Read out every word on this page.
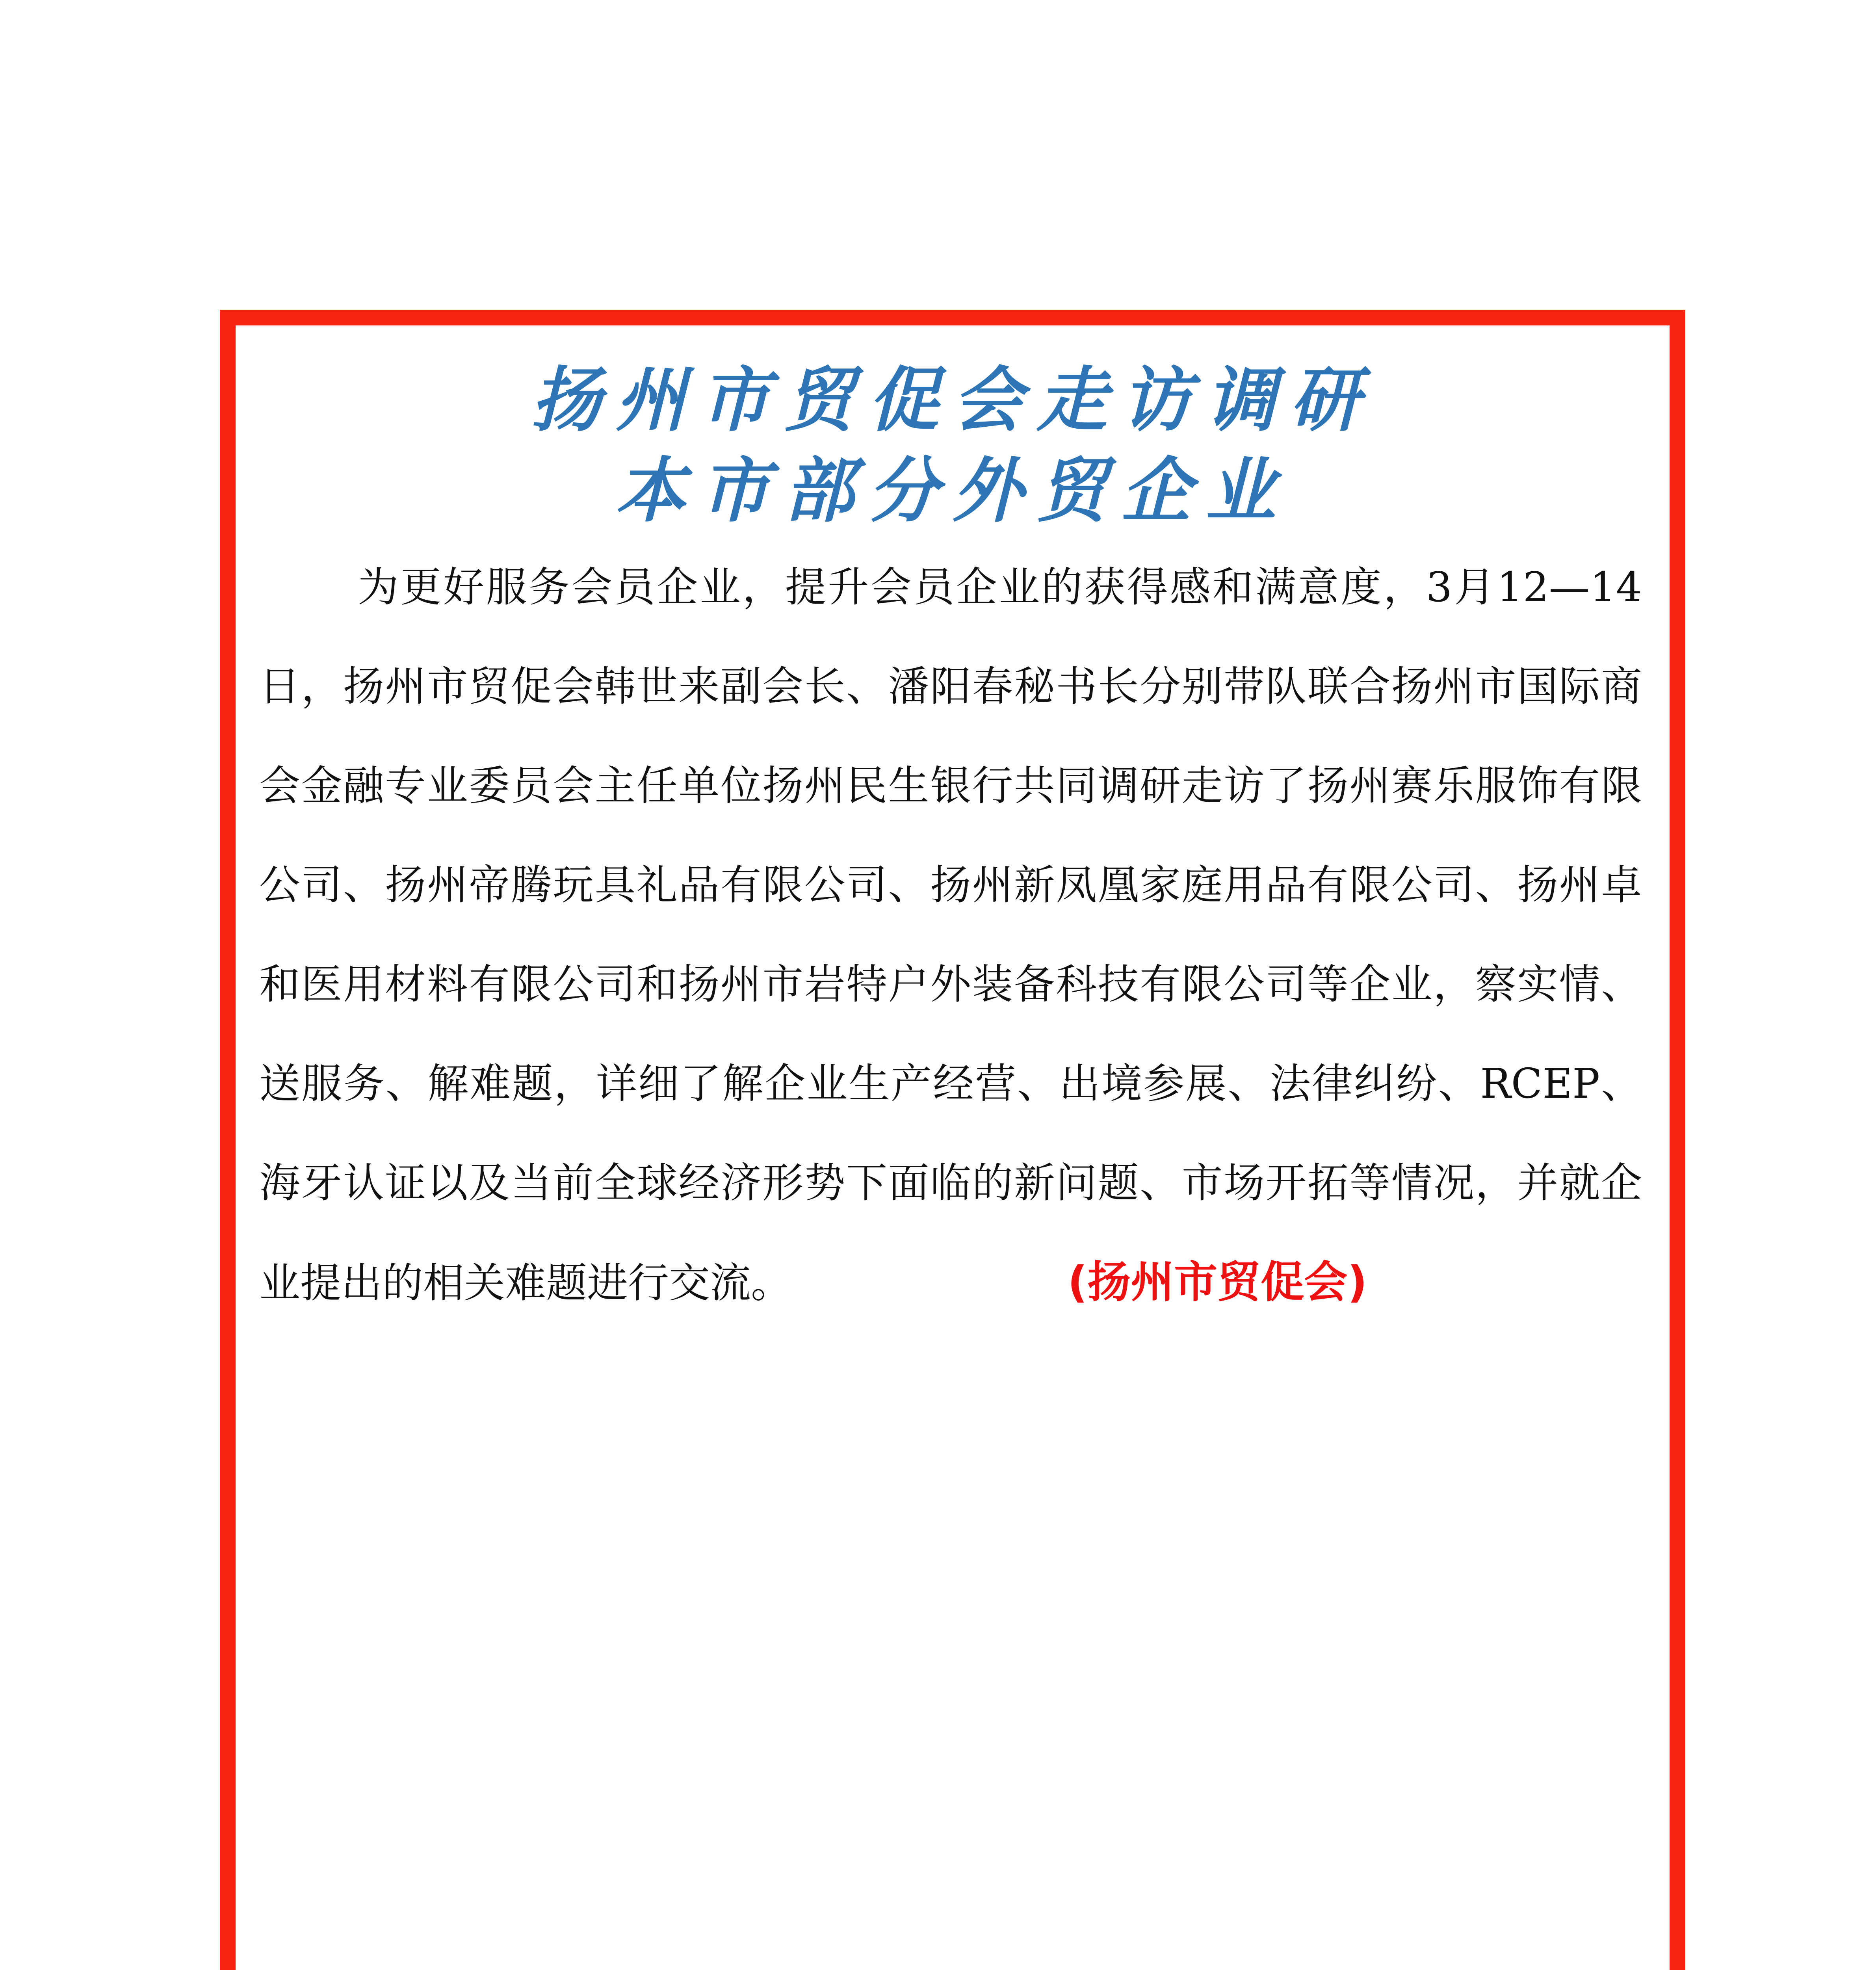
扬州市贸促会走访调研
本市部分外贸企业
为更好服务会员企业，提升会员企业的获得感和满意度，3月12—14日，扬州市贸促会韩世来副会长、潘阳春秘书长分别带队联合扬州市国际商会金融专业委员会主任单位扬州民生银行共同调研走访了扬州赛乐服饰有限公司、扬州帝腾玩具礼品有限公司、扬州新凤凰家庭用品有限公司、扬州卓和医用材料有限公司和扬州市岩特户外装备科技有限公司等企业，察实情、送服务、解难题，详细了解企业生产经营、出境参展、法律纠纷、RCEP、海牙认证以及当前全球经济形势下面临的新问题、市场开拓等情况，并就企业提出的相关难题进行交流。	(扬州市贸促会)
